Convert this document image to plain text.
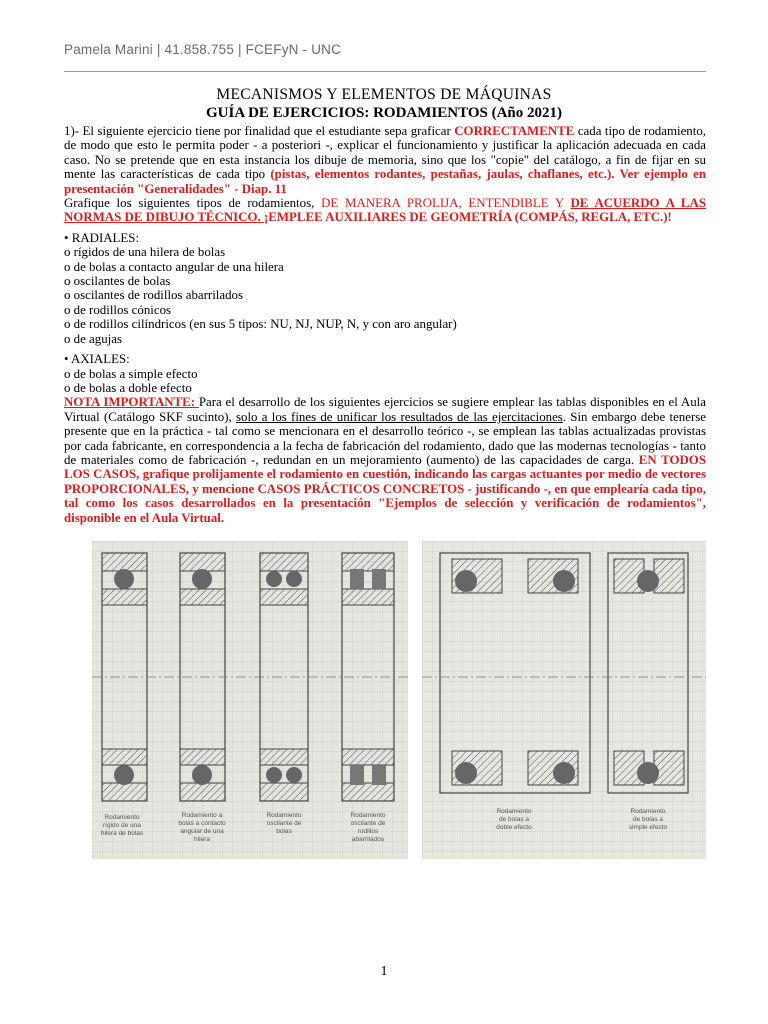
Pamela Marini | 41.858.755 | FCEFyN - UNC
MECANISMOS Y ELEMENTOS DE MÁQUINAS
GUÍA DE EJERCICIOS: RODAMIENTOS (Año 2021)
1)- El siguiente ejercicio tiene por finalidad que el estudiante sepa graficar CORRECTAMENTE cada tipo de rodamiento, de modo que esto le permita poder - a posteriori -, explicar el funcionamiento y justificar la aplicación adecuada en cada caso. No se pretende que en esta instancia los dibuje de memoria, sino que los "copie" del catálogo, a fin de fijar en su mente las características de cada tipo (pistas, elementos rodantes, pestañas, jaulas, chaflanes, etc.). Ver ejemplo en presentación "Generalidades" - Diap. 11
Grafique los siguientes tipos de rodamientos, DE MANERA PROLIJA, ENTENDIBLE Y DE ACUERDO A LAS NORMAS DE DIBUJO TÉCNICO. ¡EMPLEE AUXILIARES DE GEOMETRÍA (COMPÁS, REGLA, ETC.)!
• RADIALES:
o rígidos de una hilera de bolas
o de bolas a contacto angular de una hilera
o oscilantes de bolas
o oscilantes de rodillos abarrilados
o de rodillos cónicos
o de rodillos cilíndricos (en sus 5 tipos: NU, NJ, NUP, N, y con aro angular)
o de agujas
• AXIALES:
o de bolas a simple efecto
o de bolas a doble efecto
NOTA IMPORTANTE: Para el desarrollo de los siguientes ejercicios se sugiere emplear las tablas disponibles en el Aula Virtual (Catálogo SKF sucinto), solo a los fines de unificar los resultados de las ejercitaciones. Sin embargo debe tenerse presente que en la práctica - tal como se mencionara en el desarrollo teórico -, se emplean las tablas actualizadas provistas por cada fabricante, en correspondencia a la fecha de fabricación del rodamiento, dado que las modernas tecnologías - tanto de materiales como de fabricación -, redundan en un mejoramiento (aumento) de las capacidades de carga. EN TODOS LOS CASOS, grafique prolijamente el rodamiento en cuestión, indicando las cargas actuantes por medio de vectores PROPORCIONALES, y mencione CASOS PRÁCTICOS CONCRETOS - justificando -, en que emplearía cada tipo, tal como los casos desarrollados en la presentación "Ejemplos de selección y verificación de rodamientos", disponible en el Aula Virtual.
Rodamiento rígido de una hilera de bolas
Rodamiento a bolas a contacto angular de una hilera
Rodamiento oscilante de bolas
Rodamiento oscilante de rodillos abarrilados
Rodamiento de bolas a doble efecto
Rodamiento de bolas a simple efecto
1
